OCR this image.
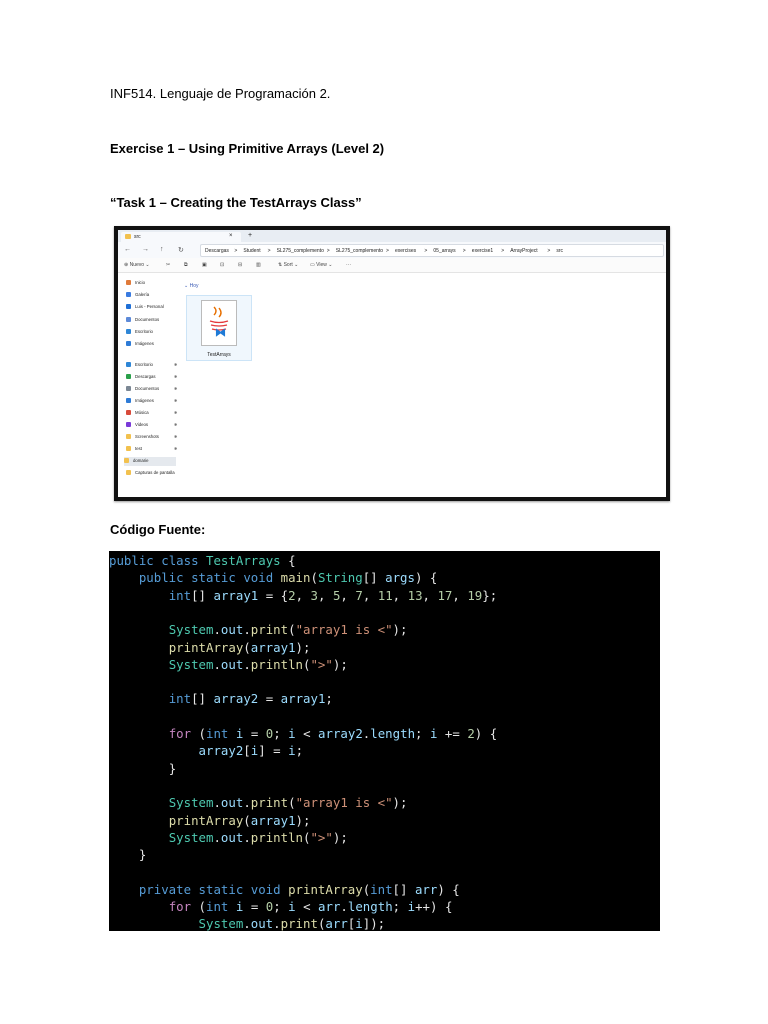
INF514. Lenguaje de Programación 2.
Exercise 1 – Using Primitive Arrays (Level 2)
“Task 1 – Creating the TestArrays Class”
src	× +
← → ↑ ↻	Descargas > Student > SL275_complemento > SL275_complemento > exercises > 05_arrays > exercise1 > ArrayProject > src
⊕ Nuevo ⌄	✂	⧉	▣	⊡	⊟	▥	⇅ Sort ⌄ ▭ View ⌄	···
Inicio
Galería
Luis - Personal
Documentos
Escritorio
Imágenes
Escritorio	✱
Descargas	✱
Documentos	✱
Imágenes	✱
Música	✱
Videos	✱
Screenshots	✱
test	✱
domarie
Capturas de pantalla
⌄ Hoy
⧓
TestArrays
Código Fuente:
public class TestArrays {
public static void main(String[] args) {
int[] array1 = {2, 3, 5, 7, 11, 13, 17, 19};
System.out.print("array1 is <");
printArray(array1);
System.out.println(">");
int[] array2 = array1;
for (int i = 0; i < array2.length; i += 2) {
array2[i] = i;
}
System.out.print("array1 is <");
printArray(array1);
System.out.println(">");
}
private static void printArray(int[] arr) {
for (int i = 0; i < arr.length; i++) {
System.out.print(arr[i]);
